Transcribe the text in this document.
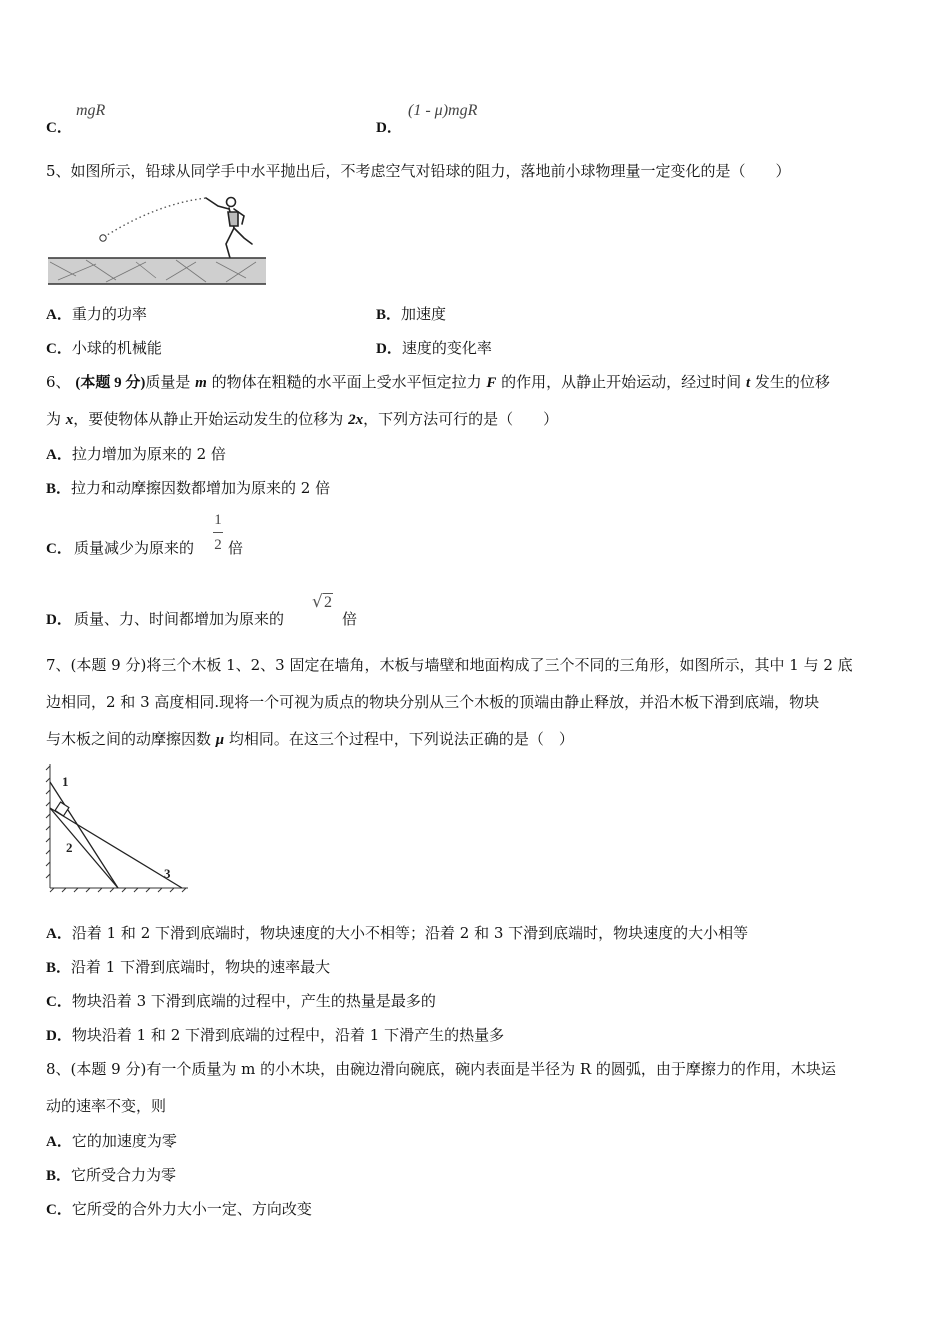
C．
mgR
D．
(1 - μ)mgR
5、如图所示，铅球从同学手中水平抛出后，不考虑空气对铅球的阻力，落地前小球物理量一定变化的是（　　）
A．重力的功率	B．加速度
C．小球的机械能	D．速度的变化率
6、 (本题 9 分)质量是 m 的物体在粗糙的水平面上受水平恒定拉力 F 的作用，从静止开始运动，经过时间 t 发生的位移
为 x，要使物体从静止开始运动发生的位移为 2x，下列方法可行的是（　　）
A．拉力增加为原来的 2 倍
B．拉力和动摩擦因数都增加为原来的 2 倍
C． 质量减少为原来的
1
2 倍
D． 质量、力、时间都增加为原来的
√ 2
倍
7、(本题 9 分)将三个木板 1、2、3 固定在墙角，木板与墙壁和地面构成了三个不同的三角形，如图所示，其中 1 与 2 底
边相同，2 和 3 高度相同.现将一个可视为质点的物块分别从三个木板的顶端由静止释放，并沿木板下滑到底端，物块
与木板之间的动摩擦因数 μ 均相同。在这三个过程中，下列说法正确的是（　）
1
2
3
A．沿着 1 和 2 下滑到底端时，物块速度的大小不相等；沿着 2 和 3 下滑到底端时，物块速度的大小相等
B．沿着 1 下滑到底端时，物块的速率最大
C．物块沿着 3 下滑到底端的过程中，产生的热量是最多的
D．物块沿着 1 和 2 下滑到底端的过程中，沿着 1 下滑产生的热量多
8、(本题 9 分)有一个质量为 m 的小木块，由碗边滑向碗底，碗内表面是半径为 R 的圆弧，由于摩擦力的作用，木块运
动的速率不变，则
A．它的加速度为零
B．它所受合力为零
C．它所受的合外力大小一定、方向改变
